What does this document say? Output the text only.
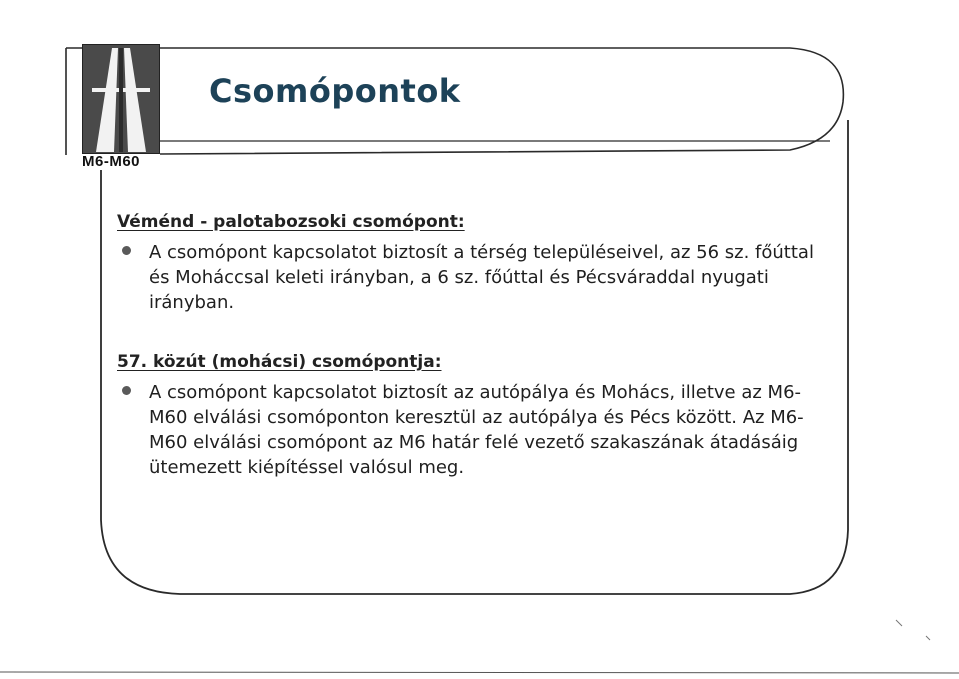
M6-M60
Csomópontok
Véménd - palotabozsoki csomópont:
A csomópont kapcsolatot biztosít a térség településeivel, az 56 sz. főúttal és Moháccsal keleti irányban, a 6 sz. főúttal és Pécsváraddal nyugati irányban.
57. közút (mohácsi) csomópontja:
A csomópont kapcsolatot biztosít az autópálya és Mohács, illetve az M6-M60 elválási csomóponton keresztül az autópálya és Pécs között. Az M6-M60 elválási csomópont az M6 határ felé vezető szakaszának átadásáig ütemezett kiépítéssel valósul meg.
